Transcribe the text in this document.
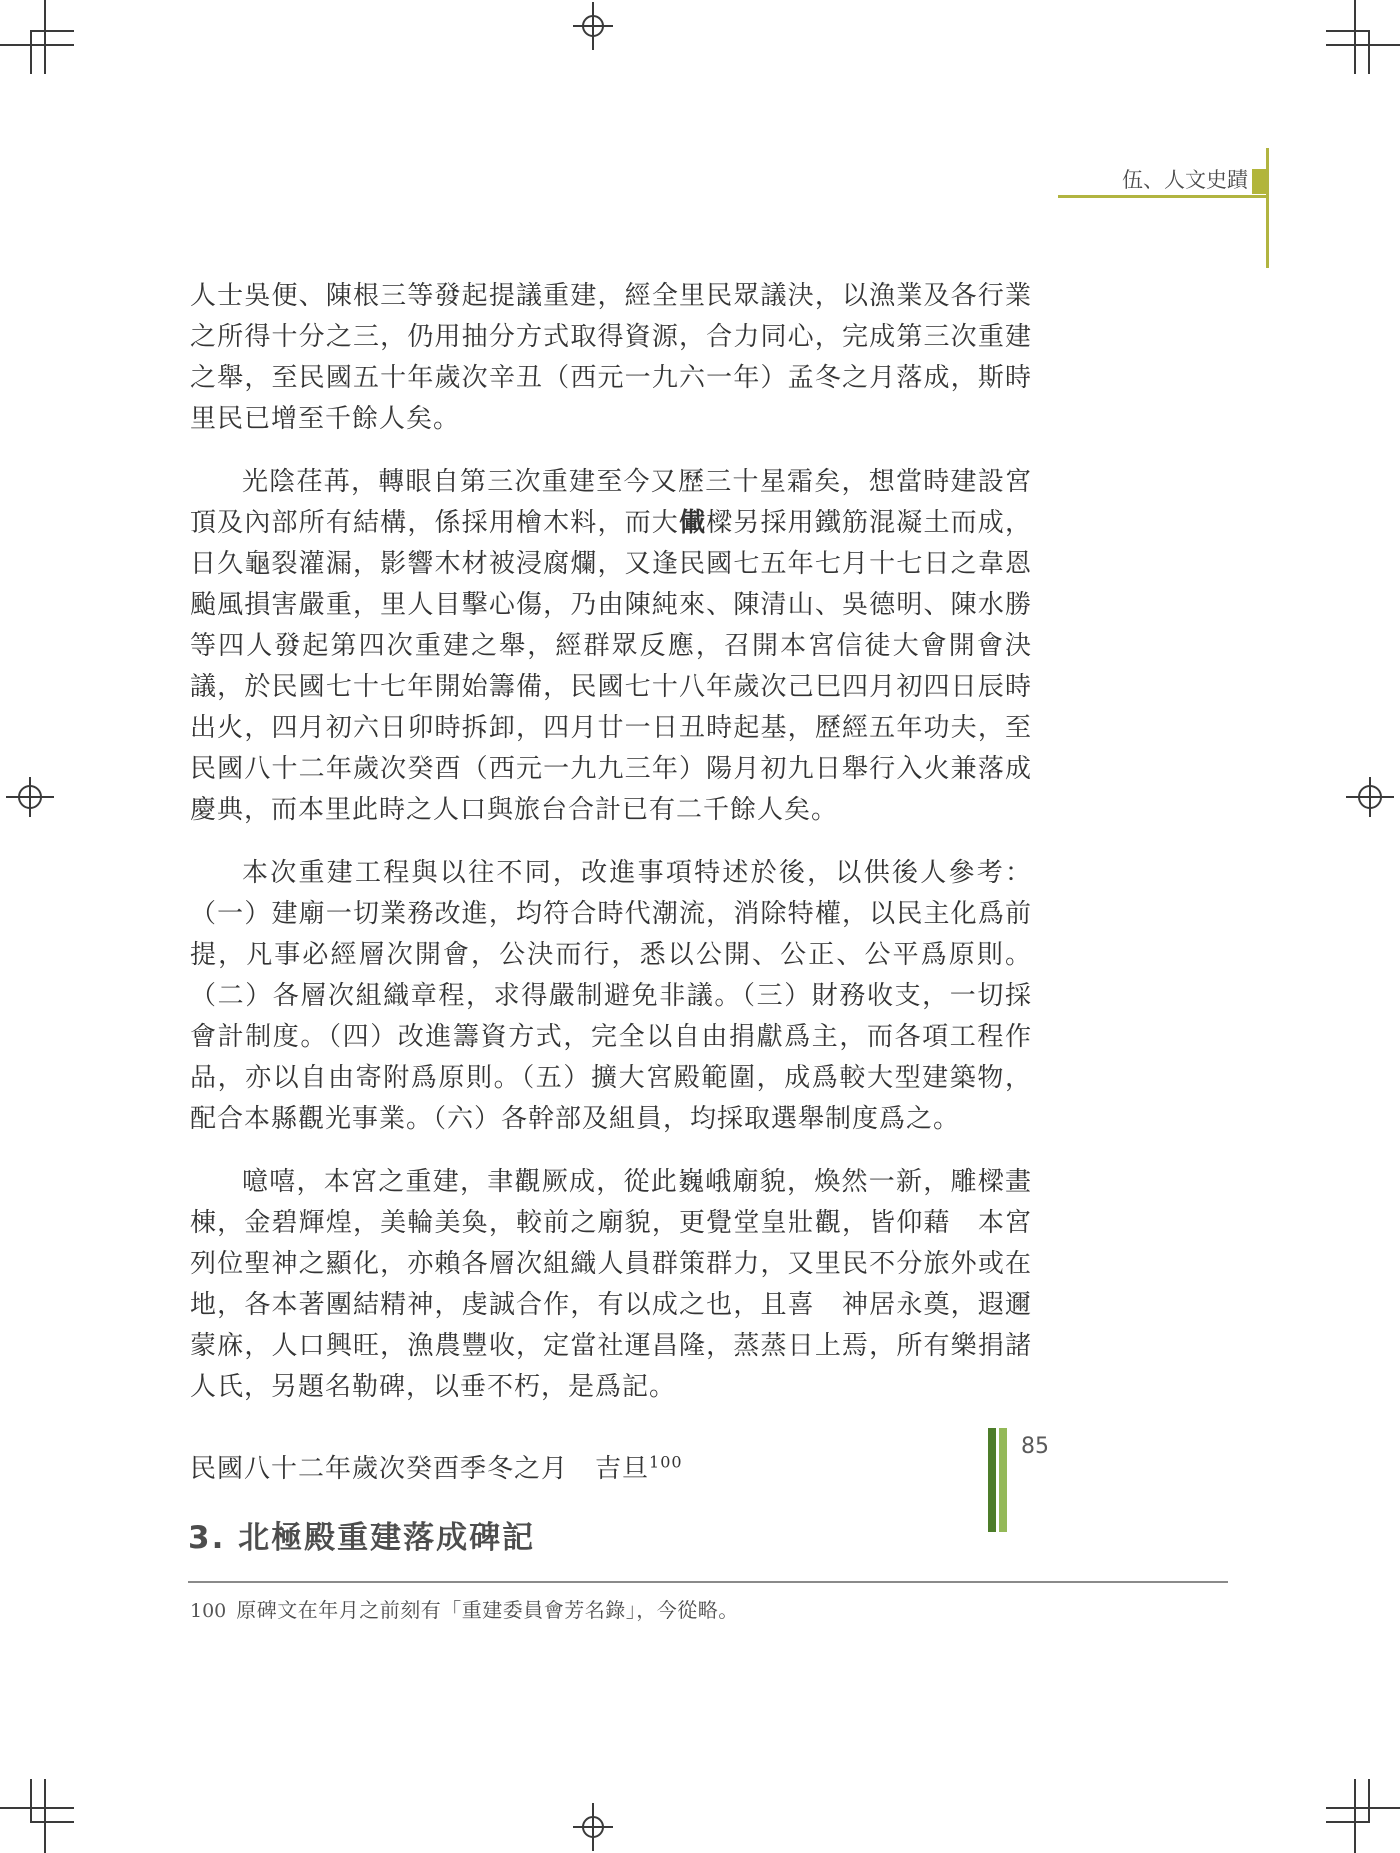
伍、人文史蹟

人士吳便、陳根三等發起提議重建，經全里民眾議決，以漁業及各行業之所得十分之三，仍用抽分方式取得資源，合力同心，完成第三次重建之舉，至民國五十年歲次辛丑（西元一九六一年）孟冬之月落成，斯時里民已增至千餘人矣。

光陰荏苒，轉眼自第三次重建至今又歷三十星霜矣，想當時建設宮頂及內部所有結構，係採用檜木料，而大儎樑另採用鐵筋混凝土而成，日久龜裂灌漏，影響木材被浸腐爛，又逢民國七五年七月十七日之韋恩颱風損害嚴重，里人目擊心傷，乃由陳純來、陳清山、吳德明、陳水勝等四人發起第四次重建之舉，經群眾反應，召開本宮信徒大會開會決議，於民國七十七年開始籌備，民國七十八年歲次己巳四月初四日辰時出火，四月初六日卯時拆卸，四月廿一日丑時起基，歷經五年功夫，至民國八十二年歲次癸酉（西元一九九三年）陽月初九日舉行入火兼落成慶典，而本里此時之人口與旅台合計已有二千餘人矣。

本次重建工程與以往不同，改進事項特述於後，以供後人參考：（一）建廟一切業務改進，均符合時代潮流，消除特權，以民主化爲前提，凡事必經層次開會，公決而行，悉以公開、公正、公平爲原則。（二）各層次組織章程，求得嚴制避免非議。（三）財務收支，一切採會計制度。（四）改進籌資方式，完全以自由捐獻爲主，而各項工程作品，亦以自由寄附爲原則。（五）擴大宮殿範圍，成爲較大型建築物，配合本縣觀光事業。（六）各幹部及組員，均採取選舉制度爲之。

噫嘻，本宮之重建，聿觀厥成，從此巍峨廟貌，煥然一新，雕樑畫棟，金碧輝煌，美輪美奐，較前之廟貌，更覺堂皇壯觀，皆仰藉　本宮列位聖神之顯化，亦賴各層次組織人員群策群力，又里民不分旅外或在地，各本著團結精神，虔誠合作，有以成之也，且喜　神居永奠，遐邇蒙庥，人口興旺，漁農豐收，定當社運昌隆，蒸蒸日上焉，所有樂捐諸人氏，另題名勒碑，以垂不朽，是爲記。

民國八十二年歲次癸酉季冬之月　吉旦$^{100}$
3. 北極殿重建落成碑記
100 原碑文在年月之前刻有「重建委員會芳名錄」，今從略。
85
